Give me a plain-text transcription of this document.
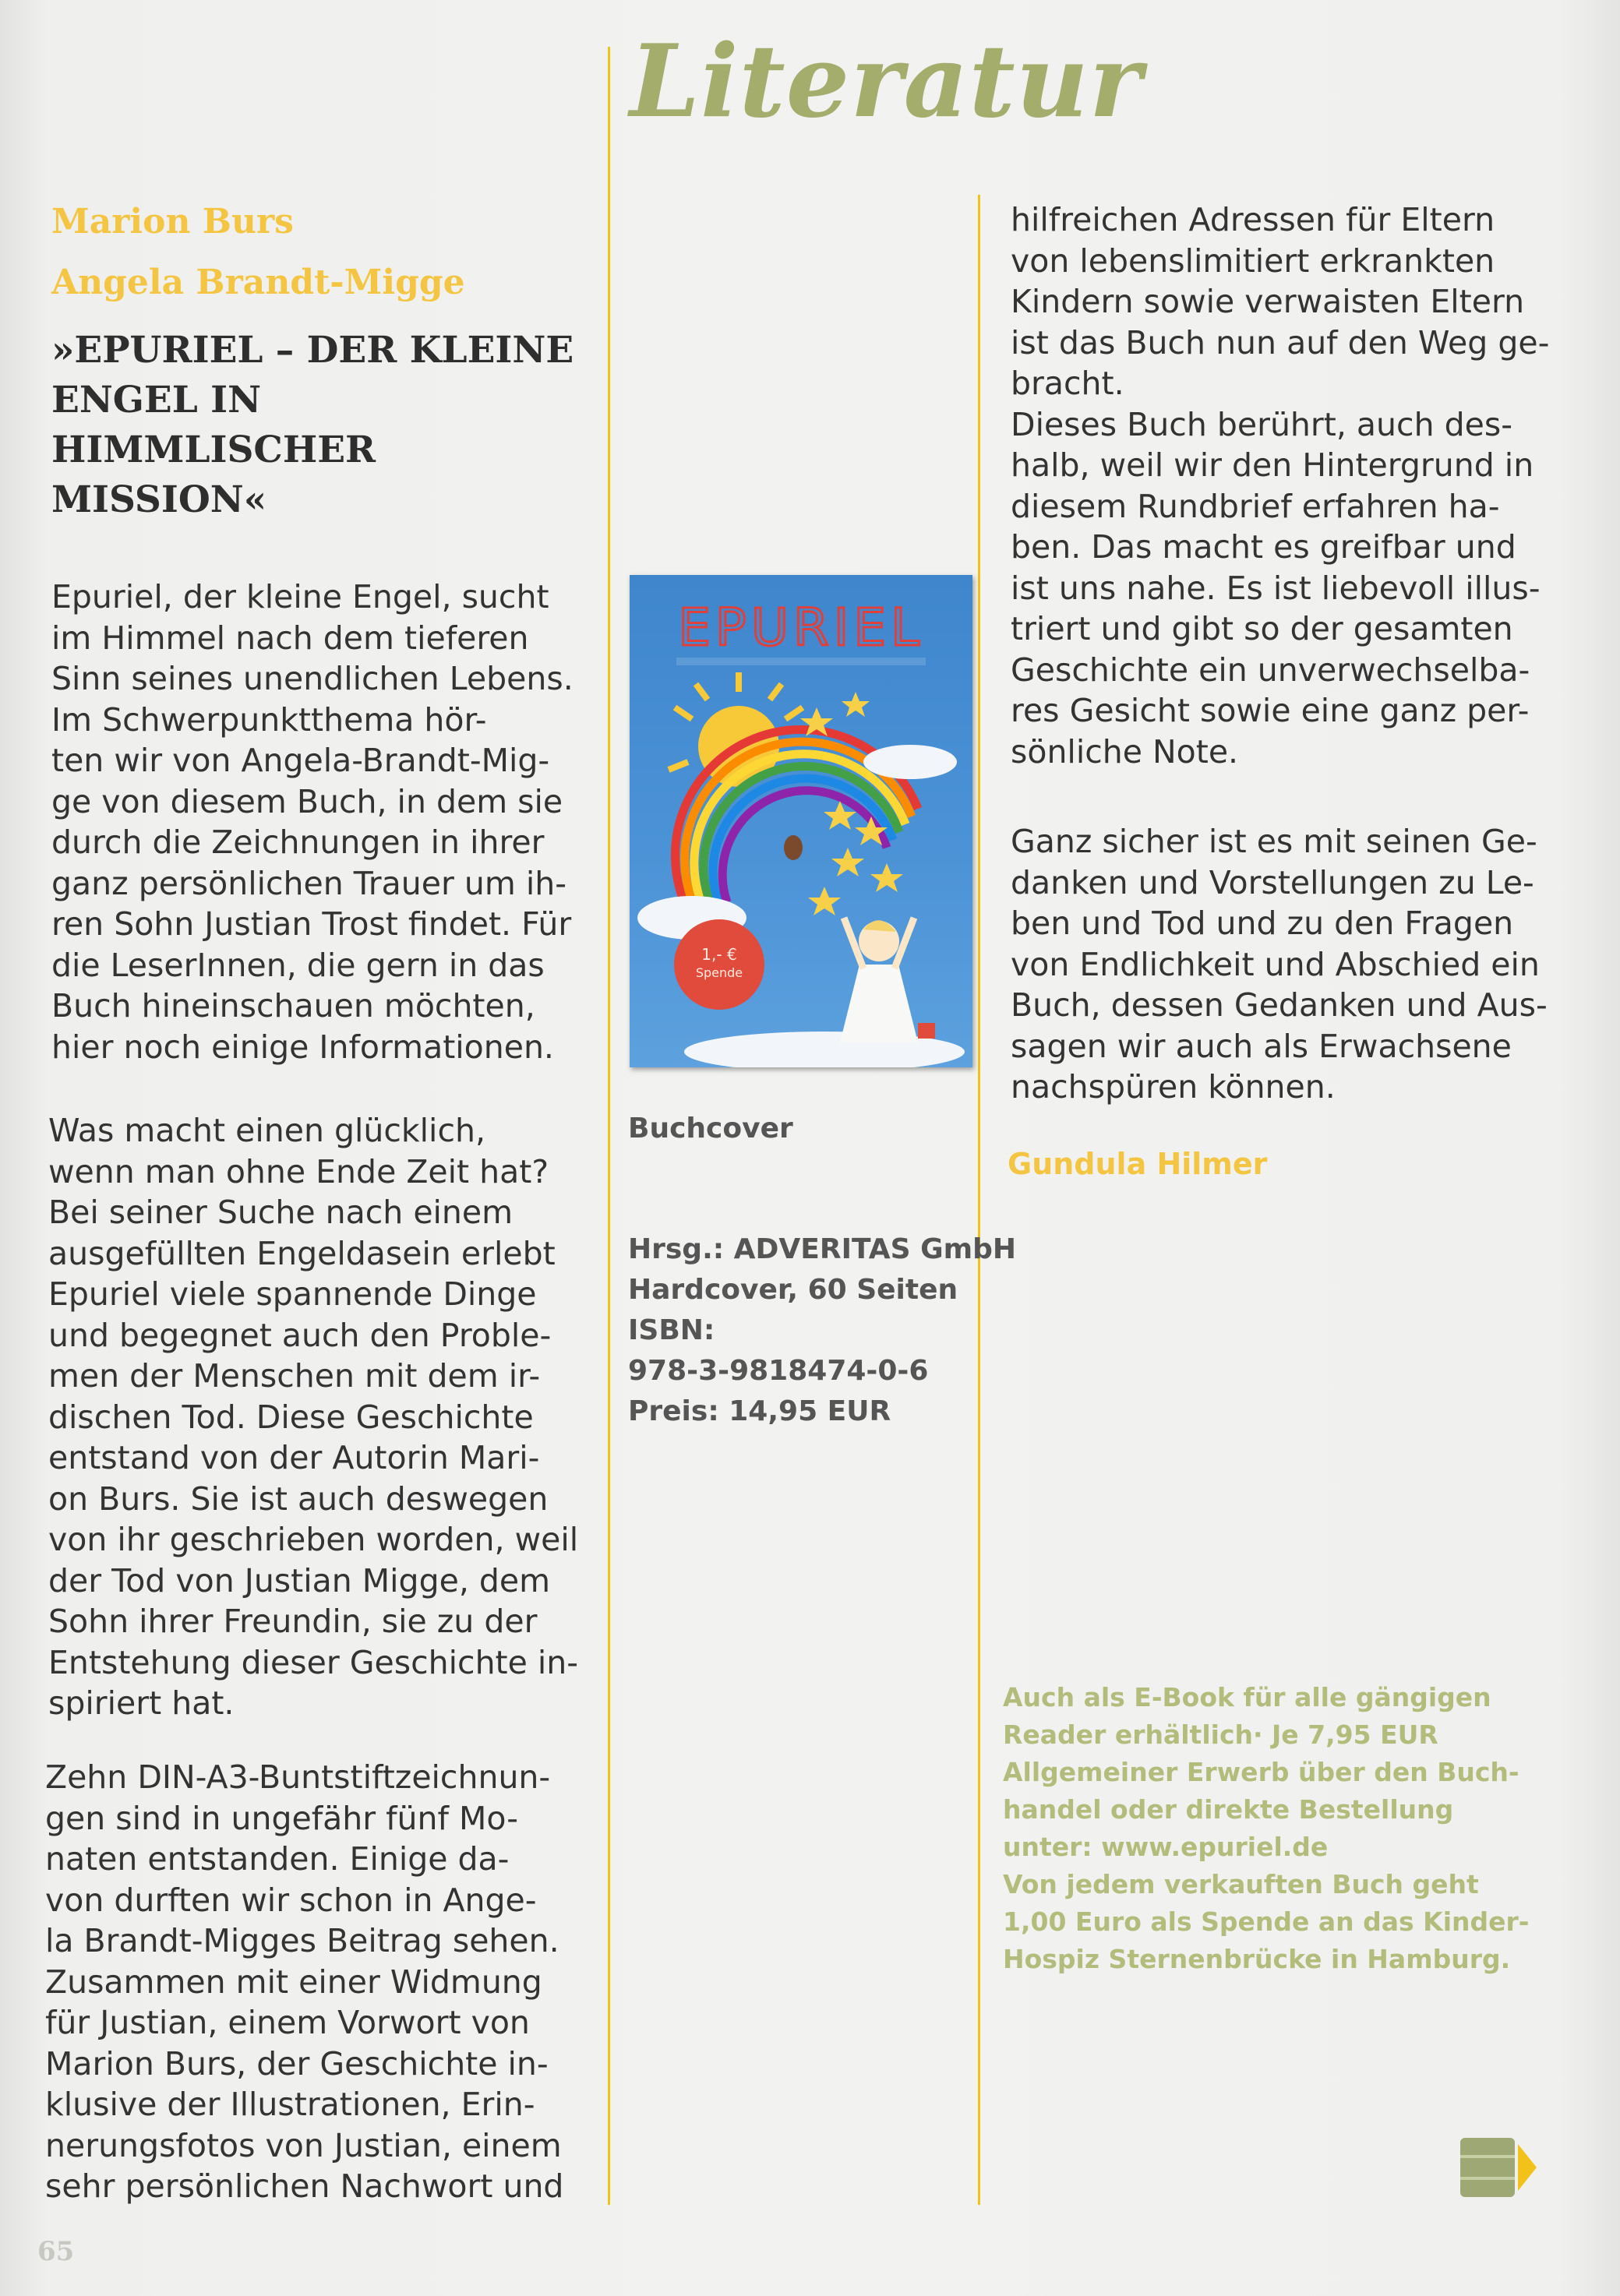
Literatur
Marion Burs
Angela Brandt-Migge
»EPURIEL – DER KLEINE ENGEL IN HIMMLISCHER MISSION«

Epuriel, der kleine Engel, sucht
im Himmel nach dem tieferen
Sinn seines unendlichen Lebens.
Im Schwerpunktthema hör-
ten wir von Angela-Brandt-Mig-
ge von diesem Buch, in dem sie
durch die Zeichnungen in ihrer
ganz persönlichen Trauer um ih-
ren Sohn Justian Trost findet. Für
die LeserInnen, die gern in das
Buch hineinschauen möchten,
hier noch einige Informationen.

Was macht einen glücklich,
wenn man ohne Ende Zeit hat?
Bei seiner Suche nach einem
ausgefüllten Engeldasein erlebt
Epuriel viele spannende Dinge
und begegnet auch den Proble-
men der Menschen mit dem ir-
dischen Tod. Diese Geschichte
entstand von der Autorin Mari-
on Burs. Sie ist auch deswegen
von ihr geschrieben worden, weil
der Tod von Justian Migge, dem
Sohn ihrer Freundin, sie zu der
Entstehung dieser Geschichte in-
spiriert hat.

Zehn DIN-A3-Buntstiftzeichnun-
gen sind in ungefähr fünf Mo-
naten entstanden. Einige da-
von durften wir schon in Ange-
la Brandt-Migges Beitrag sehen.
Zusammen mit einer Widmung
für Justian, einem Vorwort von
Marion Burs, der Geschichte in-
klusive der Illustrationen, Erin-
nerungsfotos von Justian, einem
sehr persönlichen Nachwort und

EPURIEL
1,- €
Spende
Buchcover
Hrsg.: ADVERITAS GmbH
Hardcover, 60 Seiten
ISBN:
978-3-9818474-0-6
Preis: 14,95 EUR

hilfreichen Adressen für Eltern
von lebenslimitiert erkrankten
Kindern sowie verwaisten Eltern
ist das Buch nun auf den Weg ge-
bracht.
Dieses Buch berührt, auch des-
halb, weil wir den Hintergrund in
diesem Rundbrief erfahren ha-
ben. Das macht es greifbar und
ist uns nahe. Es ist liebevoll illus-
triert und gibt so der gesamten
Geschichte ein unverwechselba-
res Gesicht sowie eine ganz per-
sönliche Note.

Ganz sicher ist es mit seinen Ge-
danken und Vorstellungen zu Le-
ben und Tod und zu den Fragen
von Endlichkeit und Abschied ein
Buch, dessen Gedanken und Aus-
sagen wir auch als Erwachsene
nachspüren können.

Gundula Hilmer

Auch als E-Book für alle gängigen
Reader erhältlich· Je 7,95 EUR

Allgemeiner Erwerb über den Buch-
handel oder direkte Bestellung
unter: www.epuriel.de

Von jedem verkauften Buch geht
1,00 Euro als Spende an das Kinder-
Hospiz Sternenbrücke in Hamburg.

65
